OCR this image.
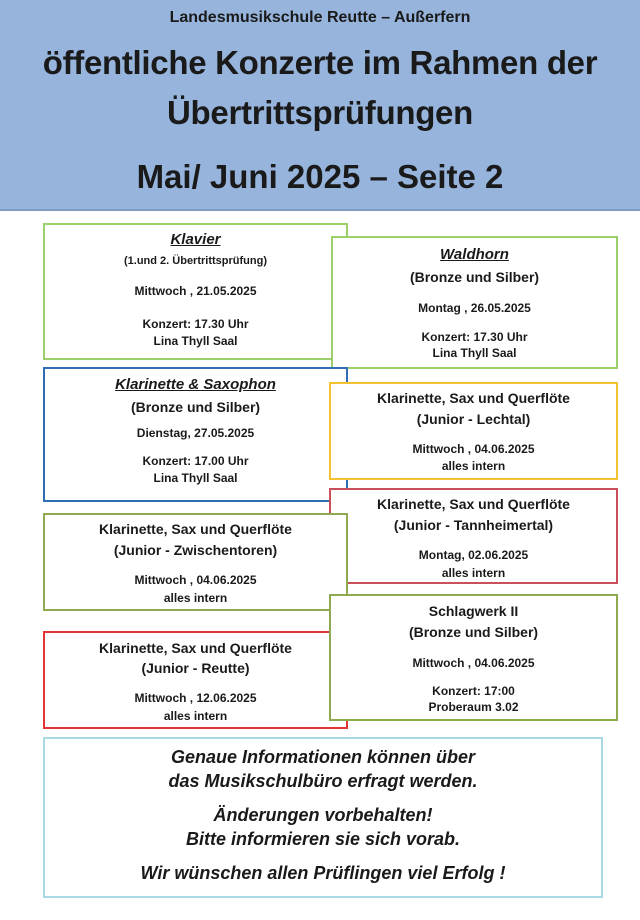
Landesmusikschule Reutte – Außerfern
öffentliche Konzerte im Rahmen der
Übertrittsprüfungen
Mai/ Juni 2025 – Seite 2
Klavier
(1.und 2. Übertrittsprüfung)
Mittwoch , 21.05.2025
Konzert: 17.30 Uhr
Lina Thyll Saal
Waldhorn
(Bronze und Silber)
Montag , 26.05.2025
Konzert: 17.30 Uhr
Lina Thyll Saal
Klarinette & Saxophon
(Bronze und Silber)
Dienstag, 27.05.2025
Konzert: 17.00 Uhr
Lina Thyll Saal
Klarinette, Sax und Querflöte
(Junior - Lechtal)
Mittwoch , 04.06.2025
alles intern
Klarinette, Sax und Querflöte
(Junior - Tannheimertal)
Montag, 02.06.2025
alles intern
Klarinette, Sax und Querflöte
(Junior - Zwischentoren)
Mittwoch , 04.06.2025
alles intern
Klarinette, Sax und Querflöte
(Junior - Reutte)
Mittwoch , 12.06.2025
alles intern
Schlagwerk II
(Bronze und Silber)
Mittwoch , 04.06.2025
Konzert: 17:00
Proberaum 3.02
Genaue Informationen können über
das Musikschulbüro erfragt werden.
Änderungen vorbehalten!
Bitte informieren sie sich vorab.
Wir wünschen allen Prüflingen viel Erfolg !
